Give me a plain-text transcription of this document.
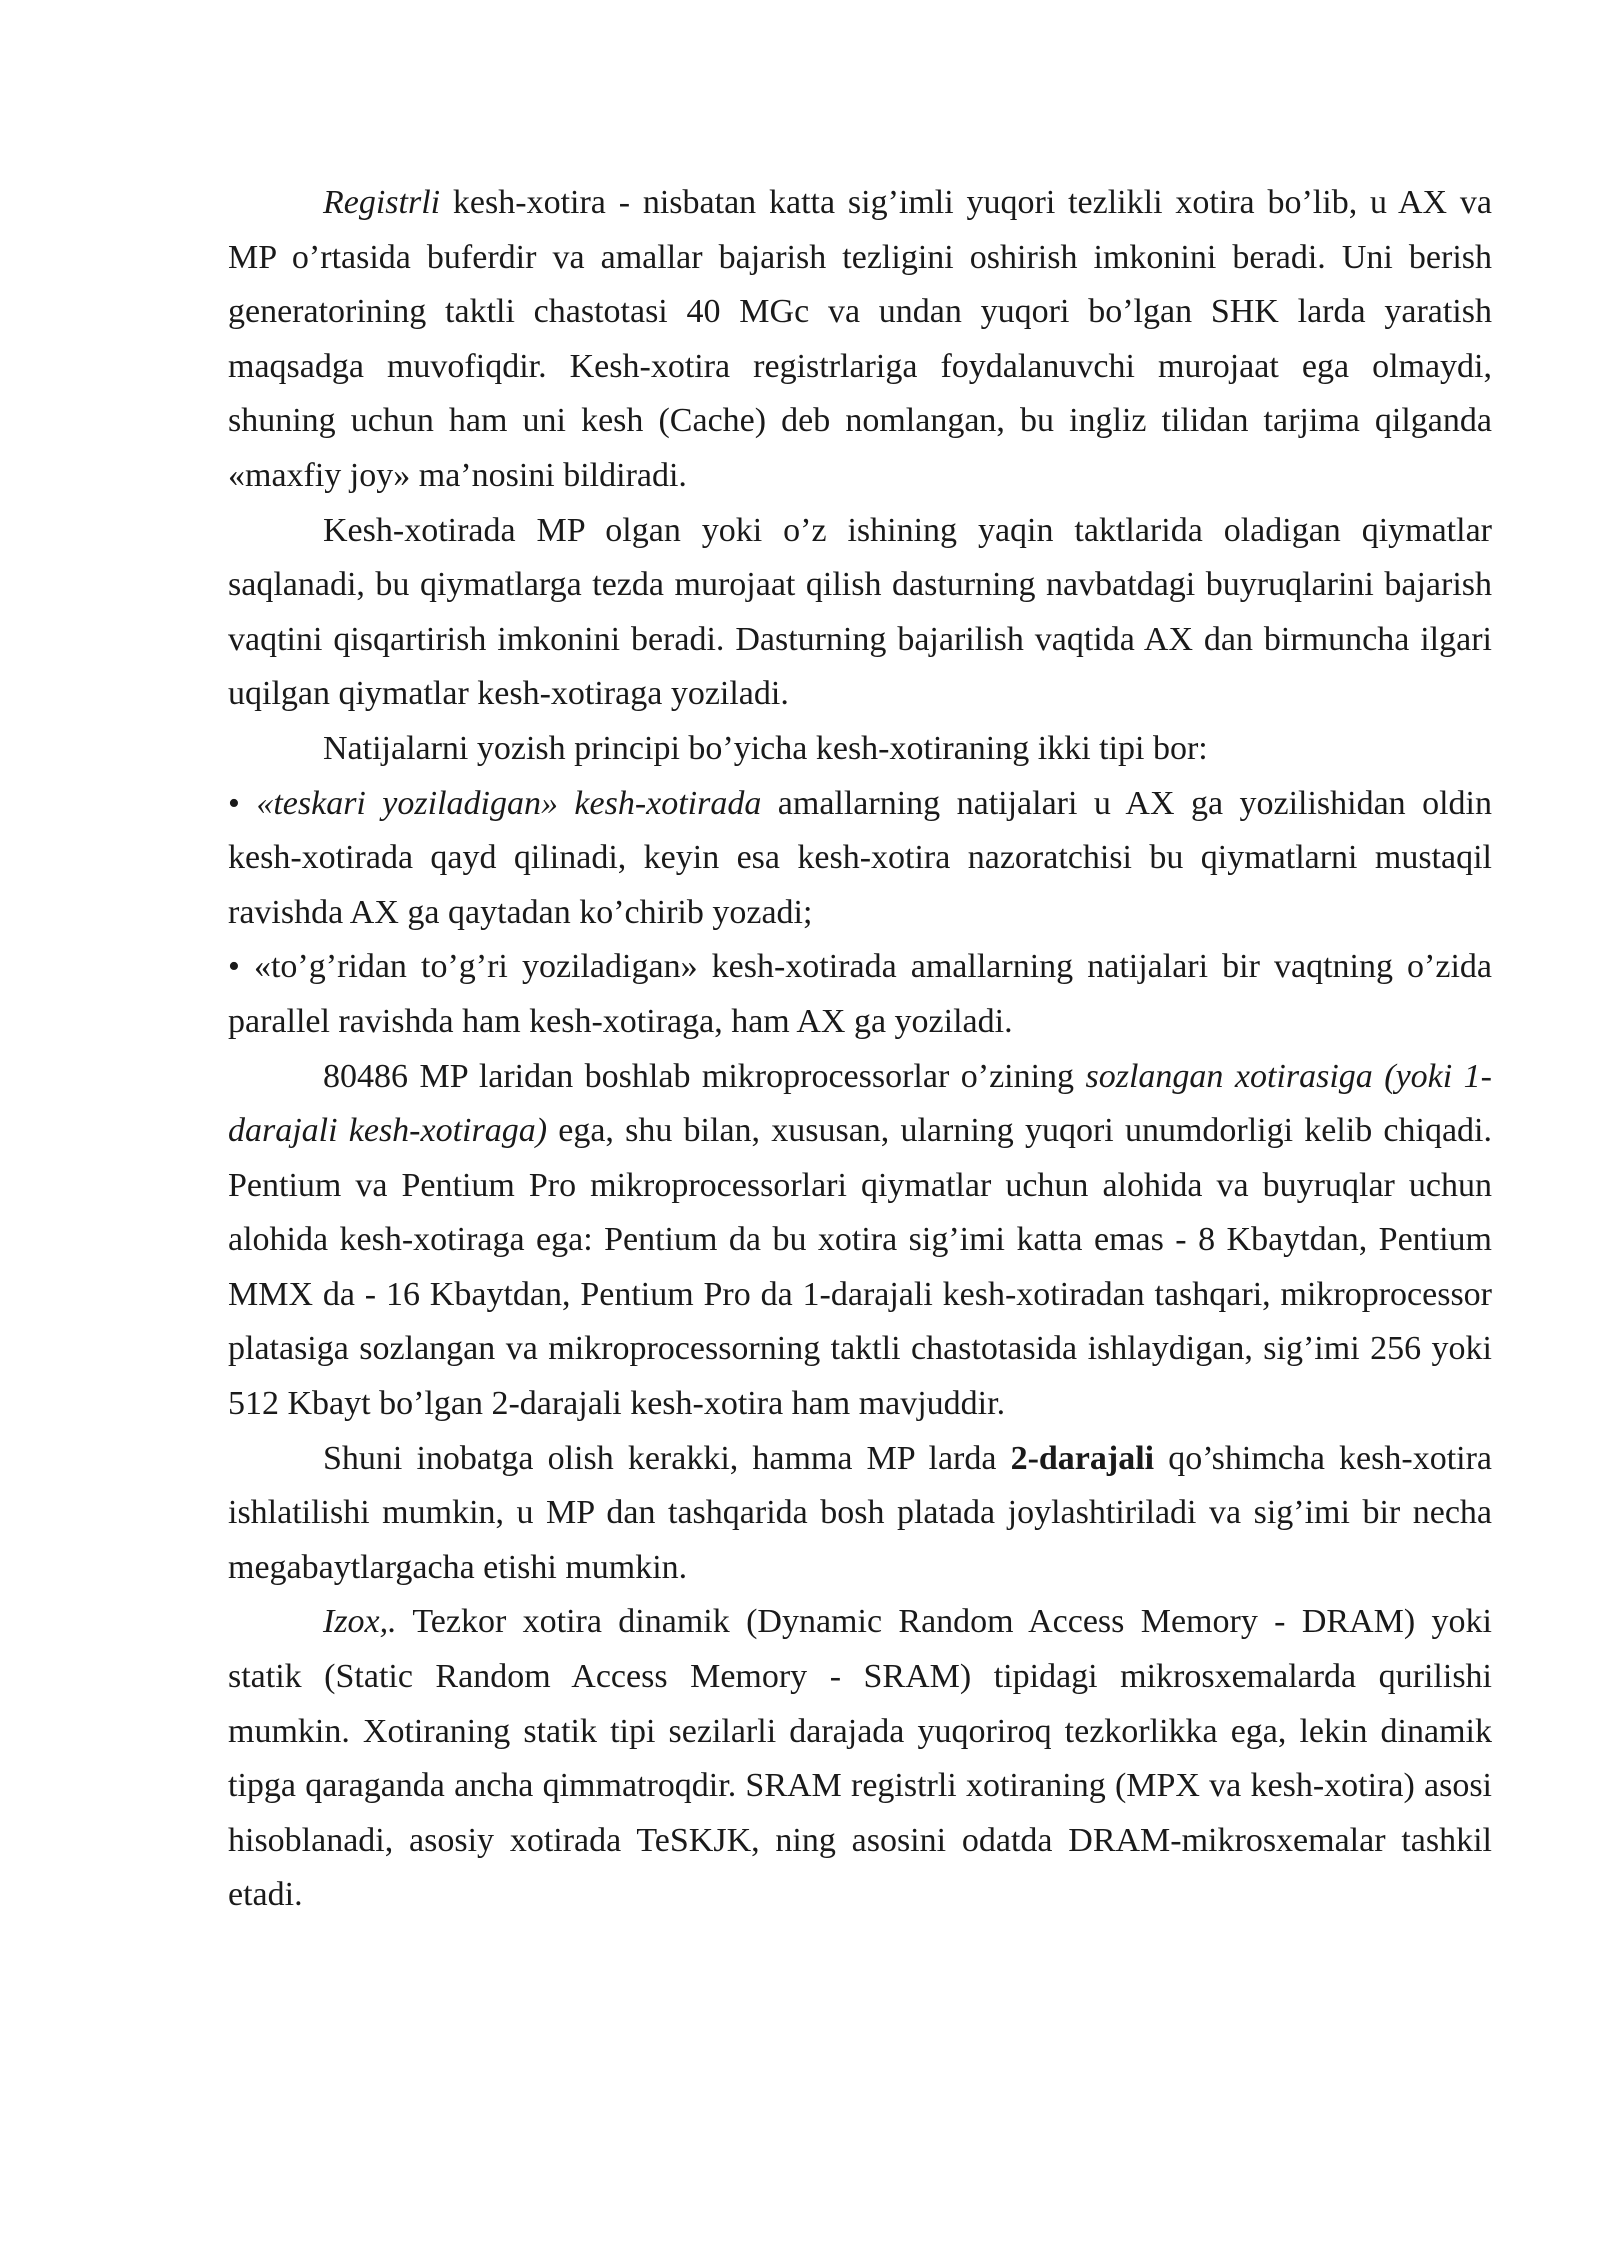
Registrli kesh-xotira - nisbatan katta sig’imli yuqori tezlikli xotira bo’lib, u AX va MP o’rtasida buferdir va amallar bajarish tezligini oshirish imkonini beradi. Uni berish generatorining taktli chastotasi 40 MGc va undan yuqori bo’lgan SHK larda yaratish maqsadga muvofiqdir. Kesh-xotira registrlariga foydalanuvchi murojaat ega olmaydi, shuning uchun ham uni kesh (Cache) deb nomlangan, bu ingliz tilidan tarjima qilganda «maxfiy joy» ma’nosini bildiradi.

Kesh-xotirada MP olgan yoki o’z ishining yaqin taktlarida oladigan qiymatlar saqlanadi, bu qiymatlarga tezda murojaat qilish dasturning navbatdagi buyruqlarini bajarish vaqtini qisqartirish imkonini beradi. Dasturning bajarilish vaqtida AX dan birmuncha ilgari uqilgan qiymatlar kesh-xotiraga yoziladi.

Natijalarni yozish principi bo’yicha kesh-xotiraning ikki tipi bor:

• «teskari yoziladigan» kesh-xotirada amallarning natijalari u AX ga yozilishidan oldin kesh-xotirada qayd qilinadi, keyin esa kesh-xotira nazoratchisi bu qiymatlarni mustaqil ravishda AX ga qaytadan ko’chirib yozadi;

• «to’g’ridan to’g’ri yoziladigan» kesh-xotirada amallarning natijalari bir vaqtning o’zida parallel ravishda ham kesh-xotiraga, ham AX ga yoziladi.

80486 MP laridan boshlab mikroprocessorlar o’zining sozlangan xotirasiga (yoki 1-darajali kesh-xotiraga) ega, shu bilan, xususan, ularning yuqori unumdorligi kelib chiqadi. Pentium va Pentium Pro mikroprocessorlari qiymatlar uchun alohida va buyruqlar uchun alohida kesh-xotiraga ega: Pentium da bu xotira sig’imi katta emas - 8 Kbaytdan, Pentium MMX da - 16 Kbaytdan, Pentium Pro da 1-darajali kesh-xotiradan tashqari, mikroprocessor platasiga sozlangan va mikroprocessorning taktli chastotasida ishlaydigan, sig’imi 256 yoki 512 Kbayt bo’lgan 2-darajali kesh-xotira ham mavjuddir.

Shuni inobatga olish kerakki, hamma MP larda 2-darajali qo’shimcha kesh-xotira ishlatilishi mumkin, u MP dan tashqarida bosh platada joylashtiriladi va sig’imi bir necha megabaytlargacha etishi mumkin.

Izox,. Tezkor xotira dinamik (Dynamic Random Access Memory - DRAM) yoki statik (Static Random Access Memory - SRAM) tipidagi mikrosxemalarda qurilishi mumkin. Xotiraning statik tipi sezilarli darajada yuqoriroq tezkorlikka ega, lekin dinamik tipga qaraganda ancha qimmatroqdir. SRAM registrli xotiraning (MPX va kesh-xotira) asosi hisoblanadi, asosiy xotirada TeSKJK, ning asosini odatda DRAM-mikrosxemalar tashkil etadi.
